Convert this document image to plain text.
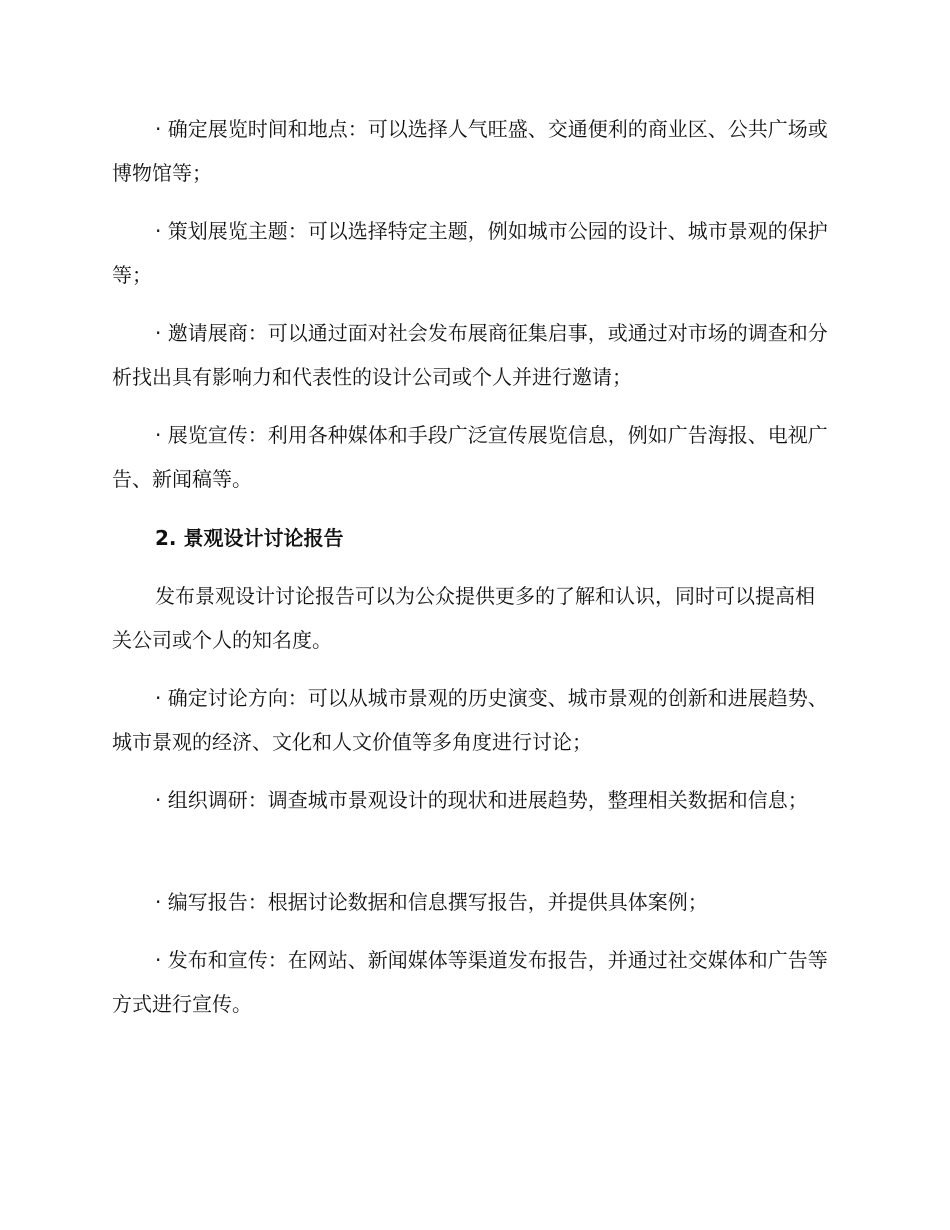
· 确定展览时间和地点：可以选择人气旺盛、交通便利的商业区、公共广场或博物馆等；

· 策划展览主题：可以选择特定主题，例如城市公园的设计、城市景观的保护等；

· 邀请展商：可以通过面对社会发布展商征集启事，或通过对市场的调查和分析找出具有影响力和代表性的设计公司或个人并进行邀请；

· 展览宣传：利用各种媒体和手段广泛宣传展览信息，例如广告海报、电视广告、新闻稿等。

2. 景观设计讨论报告

发布景观设计讨论报告可以为公众提供更多的了解和认识，同时可以提高相关公司或个人的知名度。

· 确定讨论方向：可以从城市景观的历史演变、城市景观的创新和进展趋势、城市景观的经济、文化和人文价值等多角度进行讨论；

· 组织调研：调查城市景观设计的现状和进展趋势，整理相关数据和信息；

· 编写报告：根据讨论数据和信息撰写报告，并提供具体案例；

· 发布和宣传：在网站、新闻媒体等渠道发布报告，并通过社交媒体和广告等方式进行宣传。
